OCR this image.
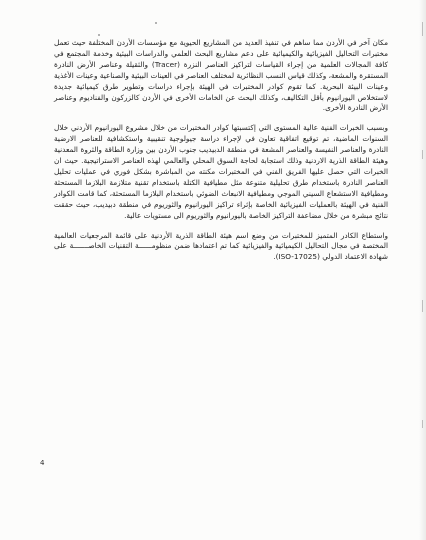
مكان آخر في الأردن مما ساهم في تنفيذ العديد من المشاريع الحيوية مع مؤسسات الأردن المختلفة حيث تعمل مختبرات التحاليل الفيزيائية والكيميائية على دعم مشاريع البحث العلمي والدراسات البيئية وخدمة المجتمع في كافة المجالات العلمية من إجراء القياسات لتراكيز العناصر النزرة (Tracer) والثقيلة وعناصر الأرض النادرة المستقرة والمشعة، وكذلك قياس النسب النظائرية لمختلف العناصر في العينات البيئية والصناعية وعينات الأغذية وعينات البيئة البحرية. كما تقوم كوادر المختبرات في الهيئة بإجراء دراسات وتطوير طرق كيميائية جديدة لاستخلاص اليورانيوم بأقل التكاليف، وكذلك البحث عن الخامات الأخرى في الأردن كالزركون والفناديوم وعناصر الأرض النادرة الأخرى.

وبسبب الخبرات الفنية عالية المستوى التي إكتسبتها كوادر المختبرات من خلال مشروع اليورانيوم الأردني خلال السنوات الماضية، تم توقيع اتفاقية تعاون في لإجراء دراسة جيولوجية تنقيبية واستكشافية للعناصر الارضية النادرة والعناصر النفيسة والعناصر المشعة في منطقة الدبيديب جنوب الأردن بين وزارة الطاقة والثروة المعدنية وهيئة الطاقة الذرية الاردنية وذلك استجابة لحاجة السوق المحلي والعالمي لهذه العناصر الاستراتيجية. حيث ان الخبرات التي حصل عليها الفريق الفني في المختبرات مكنته من المباشرة بشكل فوري في عمليات تحليل العناصر النادرة باستخدام طرق تحليلية متنوعة مثل مطيافية الكتلة باستخدام تقنية متلازمة البلازما المستحثة ومطيافية الاستشعاع السيني الموجي ومطيافية الانبعاث الضوئي باستخدام البلازما المستحثة، كما قامت الكوادر الفنية في الهيئة بالعمليات الفيزيائية الخاصة بإثراء تراكيز اليورانيوم والثوريوم في منطقة دبيديب، حيث حققت نتائج مبشرة من خلال مضاعفة التراكيز الخاصة باليورانيوم والثوريوم الى مستويات عالية.

واستطاع الكادر المتميز للمختبرات من وضع اسم هيئة الطاقة الذرية الأردنية على قائمة المرجعيات العالمية المختصة في مجال التحاليل الكيميائية والفيزيائية كما تم اعتمادها ضمن منظومــــــة التقنيات الخاصـــــــة على شهادة الاعتماد الدولي (ISO-17025).

4
